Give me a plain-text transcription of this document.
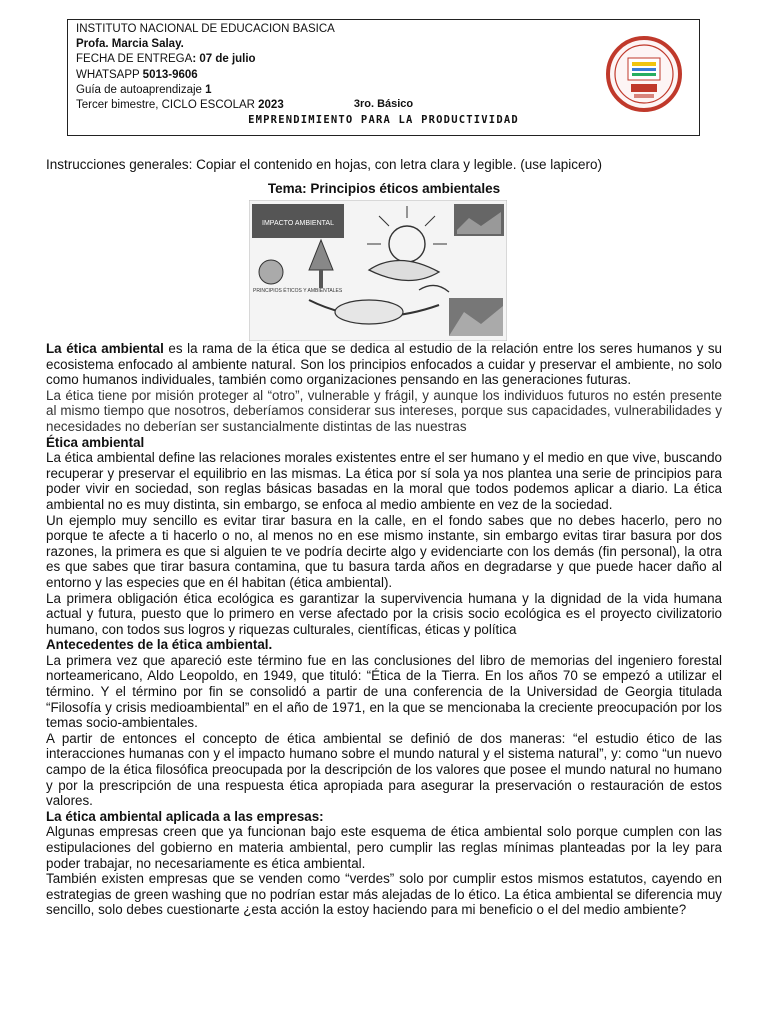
INSTITUTO NACIONAL DE EDUCACION BASICA
Profa. Marcia Salay.
FECHA DE ENTREGA: 07 de julio
WHATSAPP 5013-9606
Guía de autoaprendizaje 1
Tercer bimestre, CICLO ESCOLAR 2023	3ro. Básico
EMPRENDIMIENTO PARA LA PRODUCTIVIDAD
Instrucciones generales: Copiar el contenido en hojas, con letra clara y legible. (use lapicero)
Tema: Principios éticos ambientales
IMPACTO AMBIENTAL
PRINCIPIOS ÉTICOS Y AMBIENTALES

La ética ambiental es la rama de la ética que se dedica al estudio de la relación entre los seres humanos y su ecosistema enfocado al ambiente natural. Son los principios enfocados a cuidar y preservar el ambiente, no solo como humanos individuales, también como organizaciones pensando en las generaciones futuras.

La ética tiene por misión proteger al “otro”, vulnerable y frágil, y aunque los individuos futuros no estén presente al mismo tiempo que nosotros, deberíamos considerar sus intereses, porque sus capacidades, vulnerabilidades y necesidades no deberían ser sustancialmente distintas de las nuestras

Ética ambiental

La ética ambiental define las relaciones morales existentes entre el ser humano y el medio en que vive, buscando recuperar y preservar el equilibrio en las mismas. La ética por sí sola ya nos plantea una serie de principios para poder vivir en sociedad, son reglas básicas basadas en la moral que todos podemos aplicar a diario. La ética ambiental no es muy distinta, sin embargo, se enfoca al medio ambiente en vez de la sociedad.

Un ejemplo muy sencillo es evitar tirar basura en la calle, en el fondo sabes que no debes hacerlo, pero no porque te afecte a ti hacerlo o no, al menos no en ese mismo instante, sin embargo evitas tirar basura por dos razones, la primera es que si alguien te ve podría decirte algo y evidenciarte con los demás (fin personal), la otra es que sabes que tirar basura contamina, que tu basura tarda años en degradarse y que puede hacer daño al entorno y las especies que en él habitan (ética ambiental).

La primera obligación ética ecológica es garantizar la supervivencia humana y la dignidad de la vida humana actual y futura, puesto que lo primero en verse afectado por la crisis socio ecológica es el proyecto civilizatorio humano, con todos sus logros y riquezas culturales, científicas, éticas y política

Antecedentes de la ética ambiental.

La primera vez que apareció este término fue en las conclusiones del libro de memorias del ingeniero forestal norteamericano, Aldo Leopoldo, en 1949, que tituló: “Ética de la Tierra. En los años 70 se empezó a utilizar el término. Y el término por fin se consolidó a partir de una conferencia de la Universidad de Georgia titulada “Filosofía y crisis medioambiental” en el año de 1971, en la que se mencionaba la creciente preocupación por los temas socio-ambientales.

A partir de entonces el concepto de ética ambiental se definió de dos maneras: “el estudio ético de las interacciones humanas con y el impacto humano sobre el mundo natural y el sistema natural”, y: como “un nuevo campo de la ética filosófica preocupada por la descripción de los valores que posee el mundo natural no humano y por la prescripción de una respuesta ética apropiada para asegurar la preservación o restauración de estos valores.

La ética ambiental aplicada a las empresas:

Algunas empresas creen que ya funcionan bajo este esquema de ética ambiental solo porque cumplen con las estipulaciones del gobierno en materia ambiental, pero cumplir las reglas mínimas planteadas por la ley para poder trabajar, no necesariamente es ética ambiental.

También existen empresas que se venden como “verdes” solo por cumplir estos mismos estatutos, cayendo en estrategias de green washing que no podrían estar más alejadas de lo ético. La ética ambiental se diferencia muy sencillo, solo debes cuestionarte ¿esta acción la estoy haciendo para mi beneficio o el del medio ambiente?
